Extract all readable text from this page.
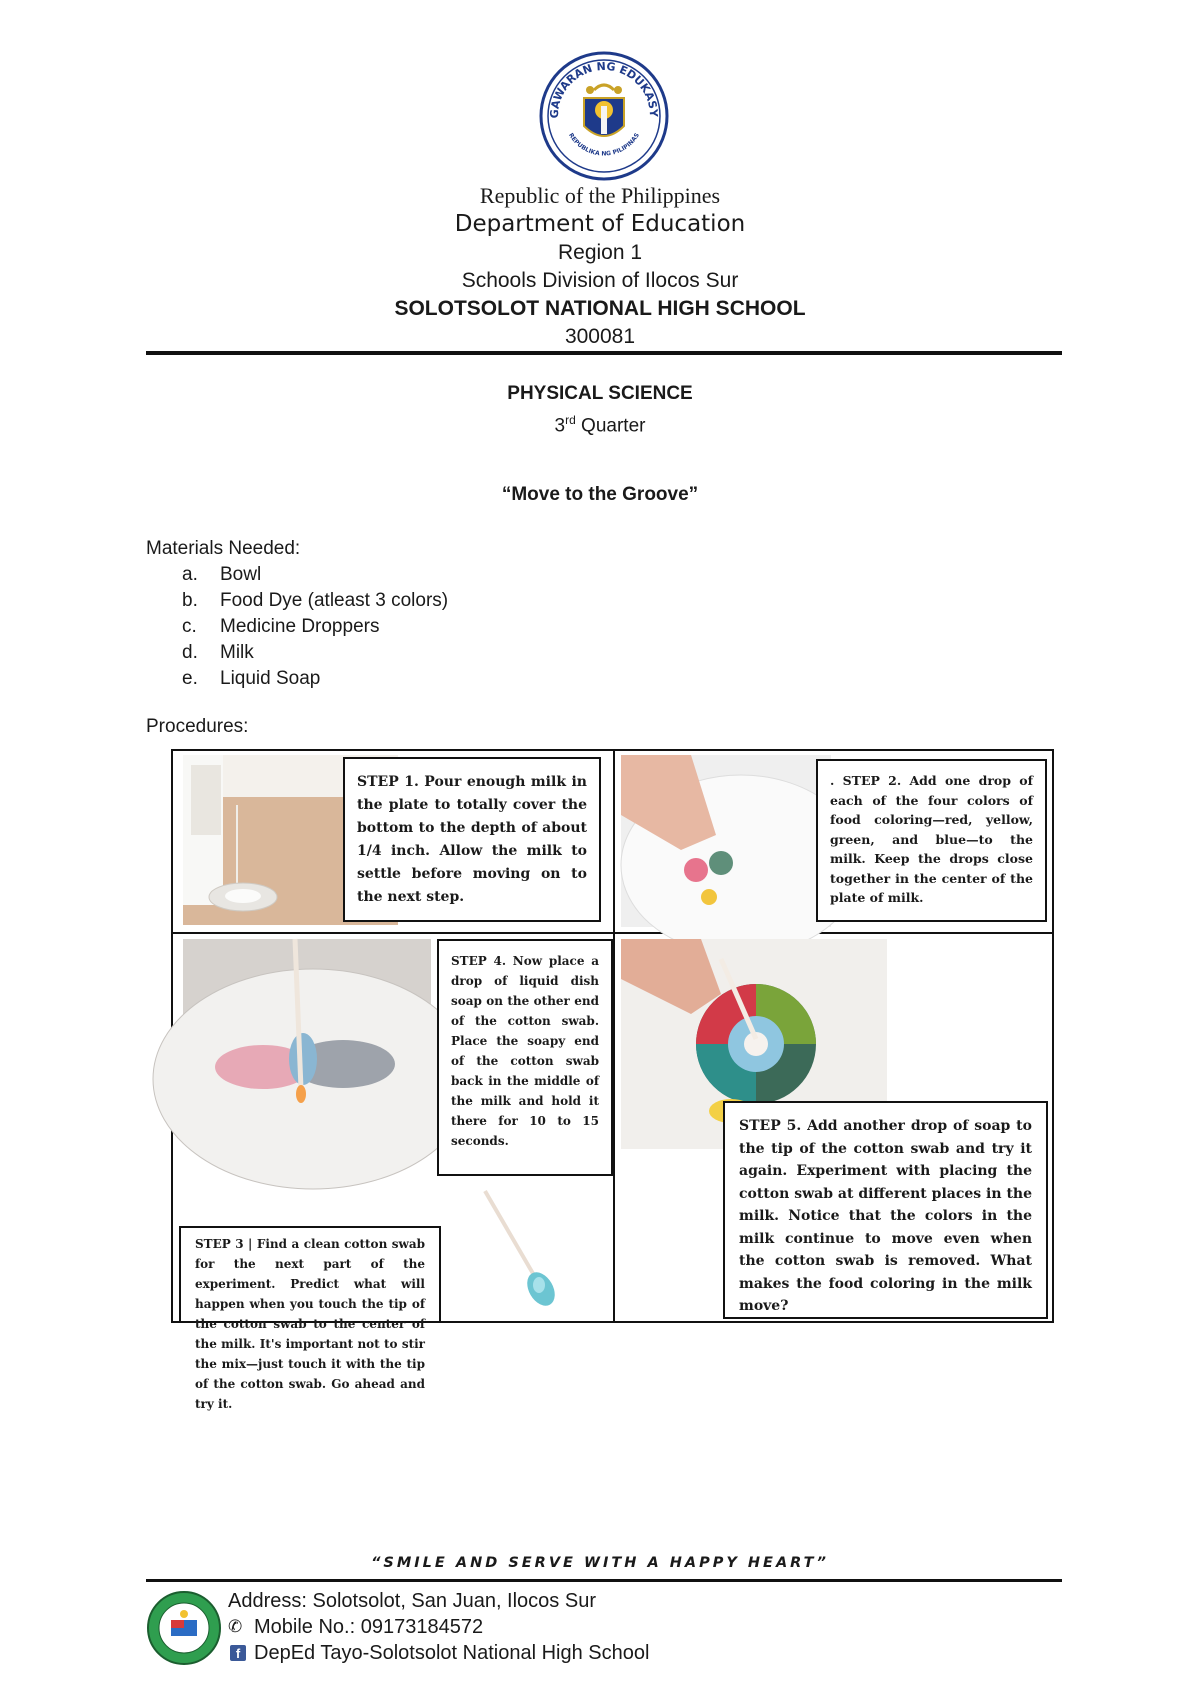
GAWARAN NG EDUKASY
REPUBLIKA NG PILIPINAS
Republic of the Philippines
Department of Education
Region 1
Schools Division of Ilocos Sur
SOLOTSOLOT NATIONAL HIGH SCHOOL
300081
PHYSICAL SCIENCE
3rd Quarter
“Move to the Groove”
Materials Needed:
a.	Bowl
b.	Food Dye (atleast 3 colors)
c.	Medicine Droppers
d.	Milk
e.	Liquid Soap
Procedures:
STEP 1. Pour enough milk in the plate to totally cover the bottom to the depth of about 1/4 inch. Allow the milk to settle before moving on to the next step.
. STEP 2. Add one drop of each of the four colors of food coloring—red, yellow, green, and blue—to the milk. Keep the drops close together in the center of the plate of milk.
STEP 3 | Find a clean cotton swab for the next part of the experiment. Predict what will happen when you touch the tip of the cotton swab to the center of the milk. It's important not to stir the mix—just touch it with the tip of the cotton swab. Go ahead and try it.
STEP 4. Now place a drop of liquid dish soap on the other end of the cotton swab. Place the soapy end of the cotton swab back in the middle of the milk and hold it there for 10 to 15 seconds.
STEP 5. Add another drop of soap to the tip of the cotton swab and try it again. Experiment with placing the cotton swab at different places in the milk. Notice that the colors in the milk continue to move even when the cotton swab is removed. What makes the food coloring in the milk move?
“SMILE AND SERVE WITH A HAPPY HEART”
Address: Solotsolot, San Juan, Ilocos Sur
✆ Mobile No.: 09173184572
f DepEd Tayo-Solotsolot National High School
